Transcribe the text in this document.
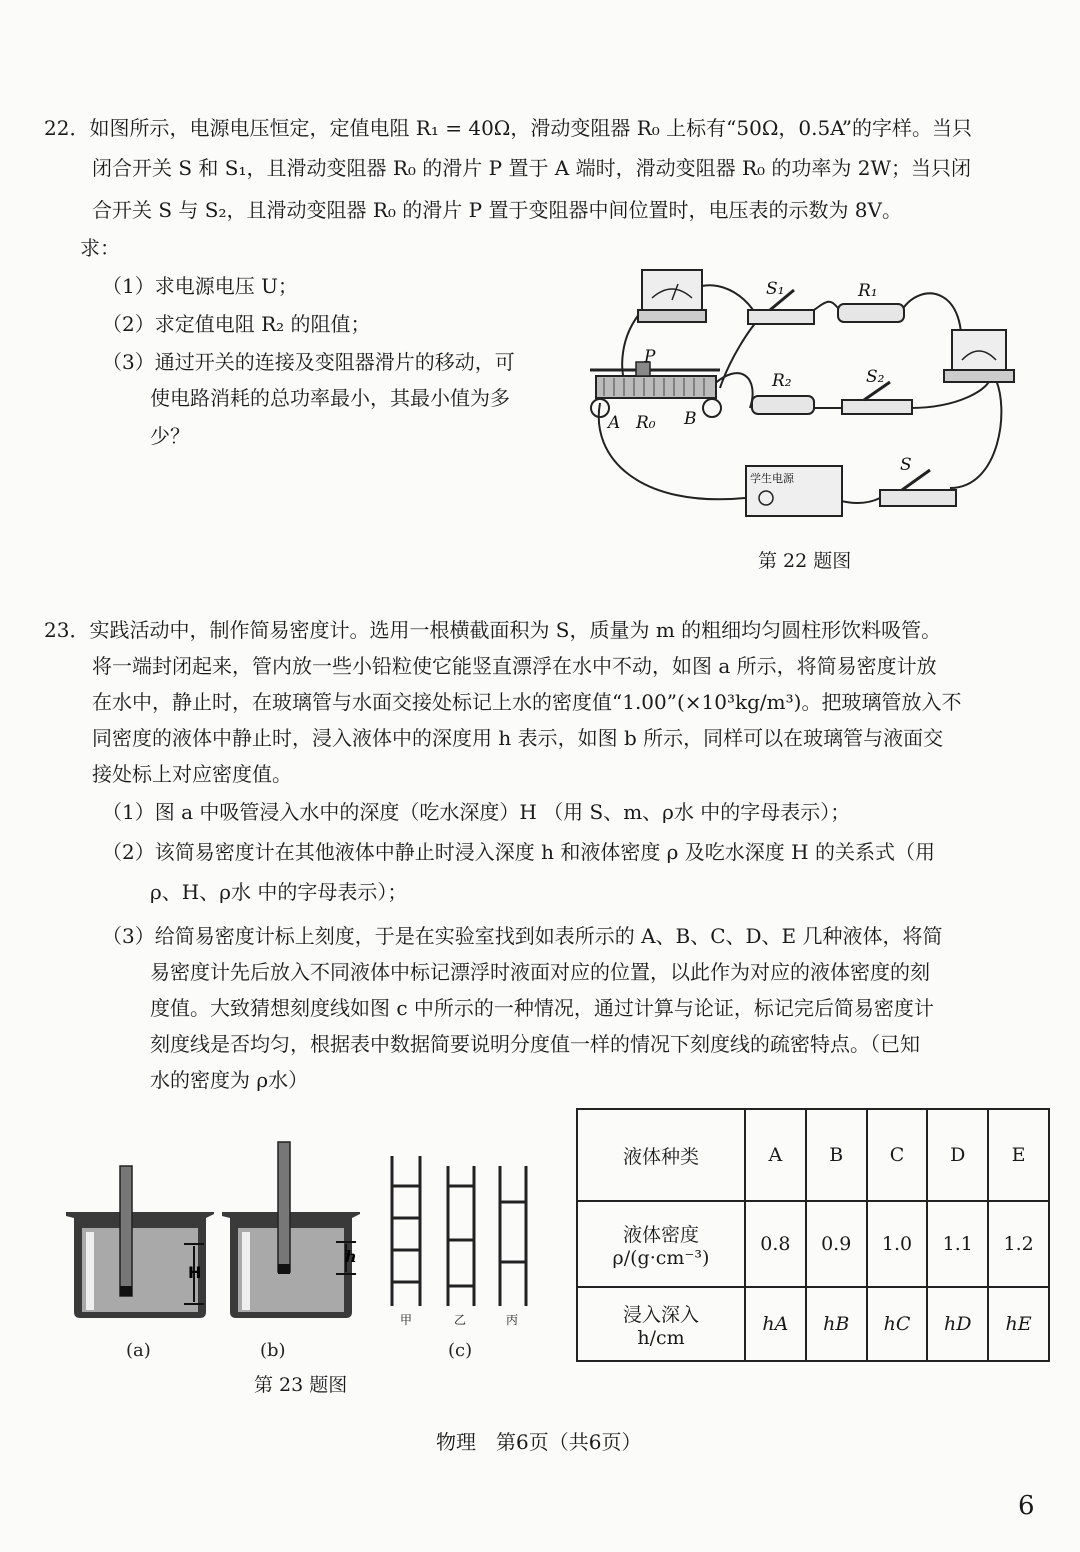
22．如图所示，电源电压恒定，定值电阻 R₁ = 40Ω，滑动变阻器 R₀ 上标有“50Ω，0.5A”的字样。当只
闭合开关 S 和 S₁，且滑动变阻器 R₀ 的滑片 P 置于 A 端时，滑动变阻器 R₀ 的功率为 2W；当只闭
合开关 S 与 S₂，且滑动变阻器 R₀ 的滑片 P 置于变阻器中间位置时，电压表的示数为 8V。
求：
（1）求电源电压 U；
（2）求定值电阻 R₂ 的阻值；
（3）通过开关的连接及变阻器滑片的移动，可
使电路消耗的总功率最小，其最小值为多
少？
S₁	R₁
R₂	S₂
S
P
A R₀ B
学生电源
第 22 题图
23．实践活动中，制作简易密度计。选用一根横截面积为 S，质量为 m 的粗细均匀圆柱形饮料吸管。
将一端封闭起来，管内放一些小铅粒使它能竖直漂浮在水中不动，如图 a 所示，将简易密度计放
在水中，静止时，在玻璃管与水面交接处标记上水的密度值“1.00”(×10³kg/m³)。把玻璃管放入不
同密度的液体中静止时，浸入液体中的深度用 h 表示，如图 b 所示，同样可以在玻璃管与液面交
接处标上对应密度值。
（1）图 a 中吸管浸入水中的深度（吃水深度）H （用 S、m、ρ水 中的字母表示）；
（2）该简易密度计在其他液体中静止时浸入深度 h 和液体密度 ρ 及吃水深度 H 的关系式（用
ρ、H、ρ水 中的字母表示）；
（3）给简易密度计标上刻度，于是在实验室找到如表所示的 A、B、C、D、E 几种液体，将简
易密度计先后放入不同液体中标记漂浮时液面对应的位置，以此作为对应的液体密度的刻
度值。大致猜想刻度线如图 c 中所示的一种情况，通过计算与论证，标记完后简易密度计
刻度线是否均匀，根据表中数据简要说明分度值一样的情况下刻度线的疏密特点。（已知
水的密度为 ρ水）
H
h
甲	乙	丙
(a)	(b)	(c)
第 23 题图
液体种类	A	B	C	D	E

液体密度
ρ/(g·cm⁻³)	0.8	0.9	1.0	1.1	1.2

浸入深入
h/cm	hA	hB	hC	hD	hE
物理　第6页（共6页）
6
